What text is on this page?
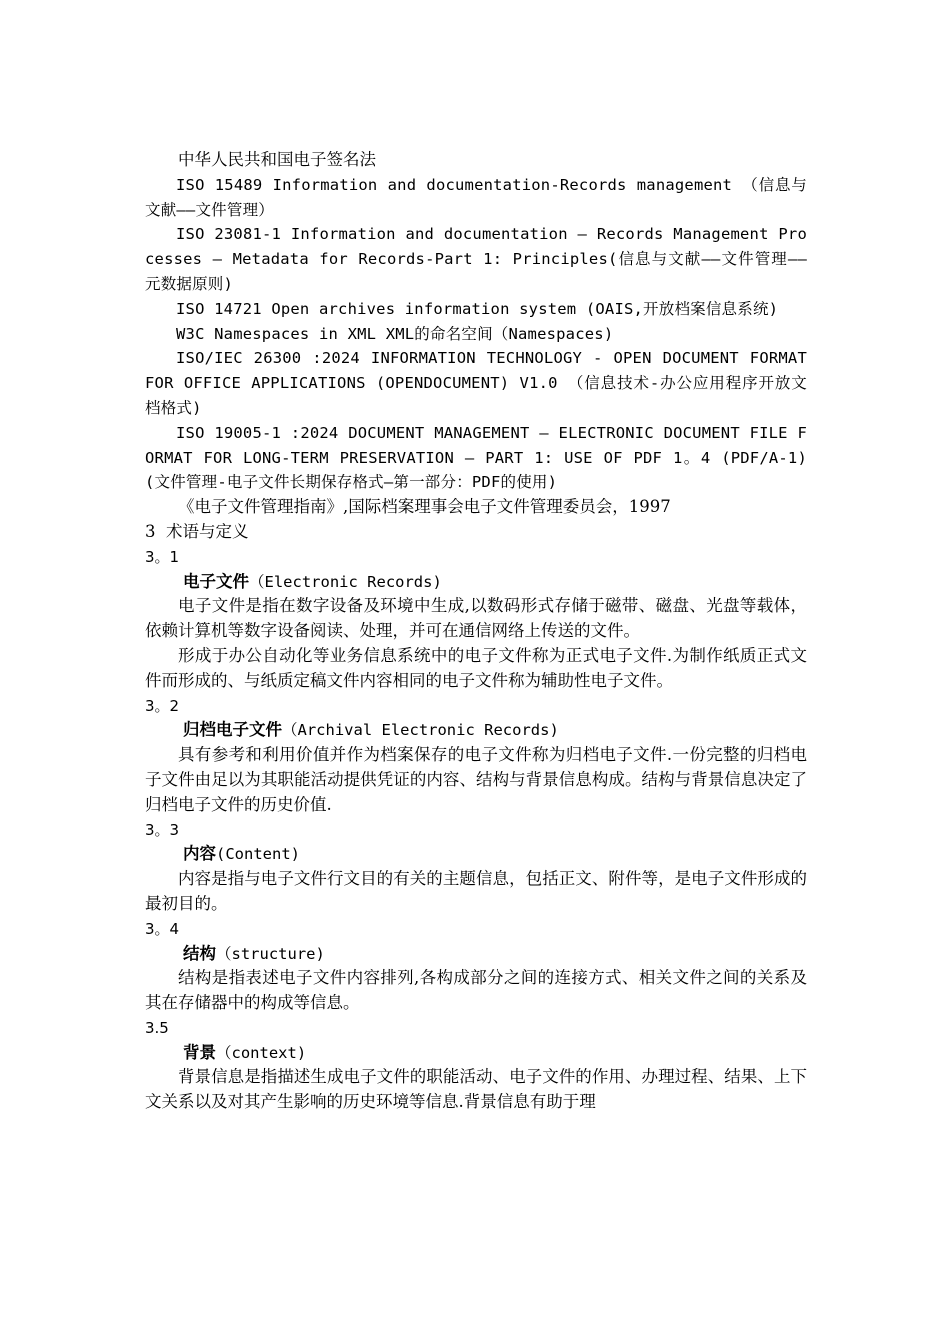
中华人民共和国电子签名法

ISO 15489 Information and documentation-Records management （信息与文献——文件管理）

ISO 23081-1 Information and documentation – Records Management Processes – Metadata for Records-Part 1: Principles(信息与文献——文件管理——元数据原则)

ISO 14721 Open archives information system (OAIS,开放档案信息系统)

W3C Namespaces in XML XML的命名空间（Namespaces)

ISO/IEC 26300 :2024 INFORMATION TECHNOLOGY - OPEN DOCUMENT FORMAT FOR OFFICE APPLICATIONS (OPENDOCUMENT) V1.0 （信息技术-办公应用程序开放文档格式)

ISO 19005-1 :2024 DOCUMENT MANAGEMENT — ELECTRONIC DOCUMENT FILE FORMAT FOR LONG-TERM PRESERVATION — PART 1: USE OF PDF 1。4 (PDF/A-1)(文件管理-电子文件长期保存格式—第一部分：PDF的使用)

《电子文件管理指南》,国际档案理事会电子文件管理委员会，1997

3 术语与定义

3。1

电子文件（Electronic Records)

电子文件是指在数字设备及环境中生成,以数码形式存储于磁带、磁盘、光盘等载体，依赖计算机等数字设备阅读、处理，并可在通信网络上传送的文件。

形成于办公自动化等业务信息系统中的电子文件称为正式电子文件.为制作纸质正式文件而形成的、与纸质定稿文件内容相同的电子文件称为辅助性电子文件。

3。2

归档电子文件（Archival Electronic Records)

具有参考和利用价值并作为档案保存的电子文件称为归档电子文件.一份完整的归档电子文件由足以为其职能活动提供凭证的内容、结构与背景信息构成。结构与背景信息决定了归档电子文件的历史价值.

3。3

内容(Content)

内容是指与电子文件行文目的有关的主题信息，包括正文、附件等，是电子文件形成的最初目的。

3。4

结构（structure)

结构是指表述电子文件内容排列,各构成部分之间的连接方式、相关文件之间的关系及其在存储器中的构成等信息。

3.5

背景（context)

背景信息是指描述生成电子文件的职能活动、电子文件的作用、办理过程、结果、上下文关系以及对其产生影响的历史环境等信息.背景信息有助于理
